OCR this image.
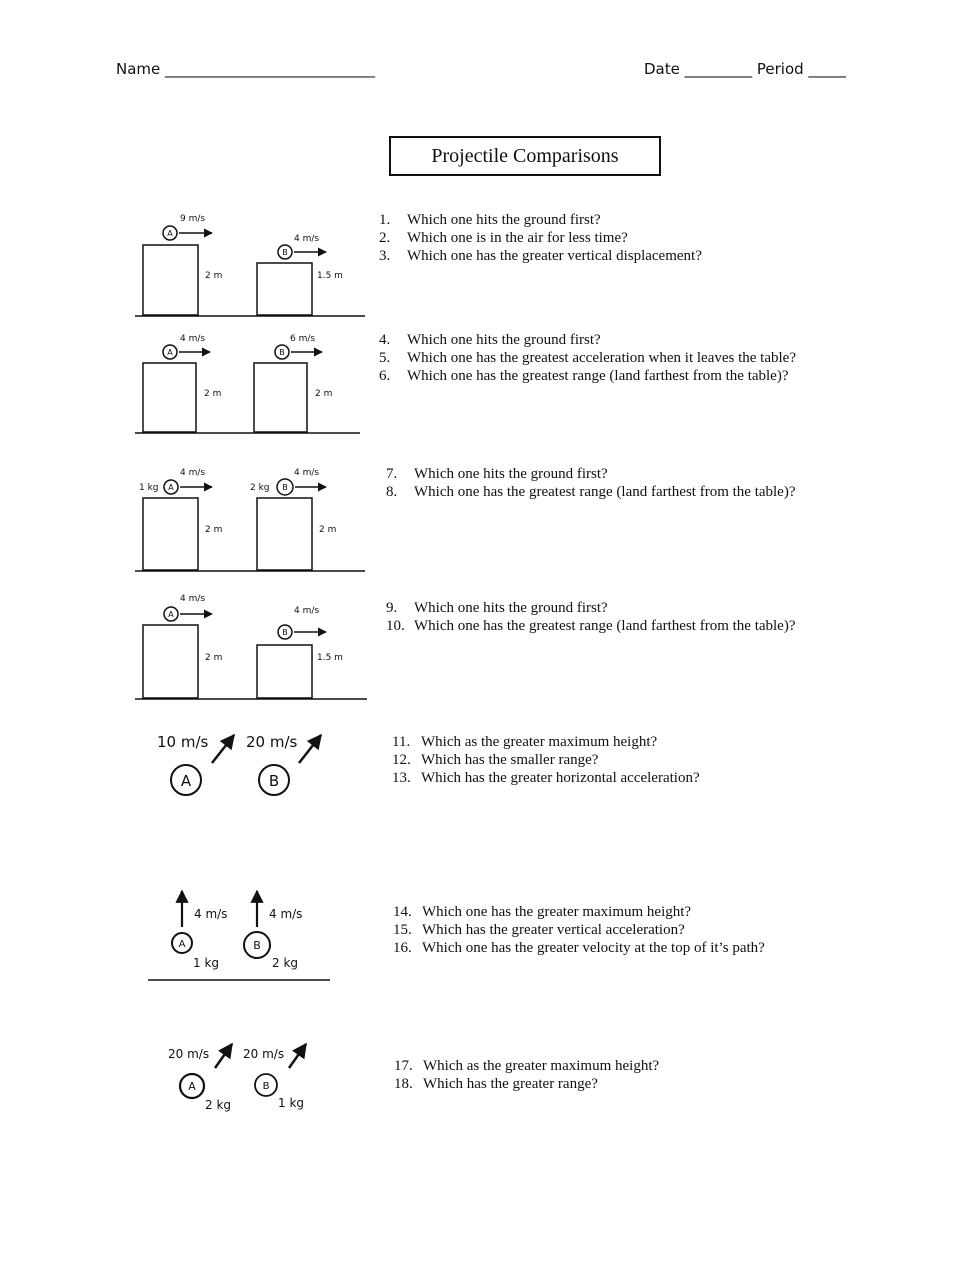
Name ____________________________	Date _________ Period _____
Projectile Comparisons
9 m/s
A
2 m
4 m/s
B
1.5 m
1.	Which one hits the ground first?
2.	Which one is in the air for less time?
3.	Which one has the greater vertical displacement?
4 m/s
A
2 m
6 m/s
B
2 m
4.	Which one hits the ground first?
5.	Which one has the greatest acceleration when it leaves the table?
6.	Which one has the greatest range (land farthest from the table)?
4 m/s
1 kg A
2 m
4 m/s
2 kg B
2 m
7.	Which one hits the ground first?
8.	Which one has the greatest range (land farthest from the table)?
4 m/s
A
2 m
4 m/s
B
1.5 m
9.	Which one hits the ground first?
10. Which one has the greatest range (land farthest from the table)?
10 m/s
A
20 m/s
B
11. Which as the greater maximum height?
12. Which has the smaller range?
13. Which has the greater horizontal acceleration?
4 m/s
A
1 kg
4 m/s
B
2 kg
14. Which one has the greater maximum height?
15. Which has the greater vertical acceleration?
16. Which one has the greater velocity at the top of it’s path?
20 m/s
A
2 kg
20 m/s
B
1 kg
17. Which as the greater maximum height?
18. Which has the greater range?
